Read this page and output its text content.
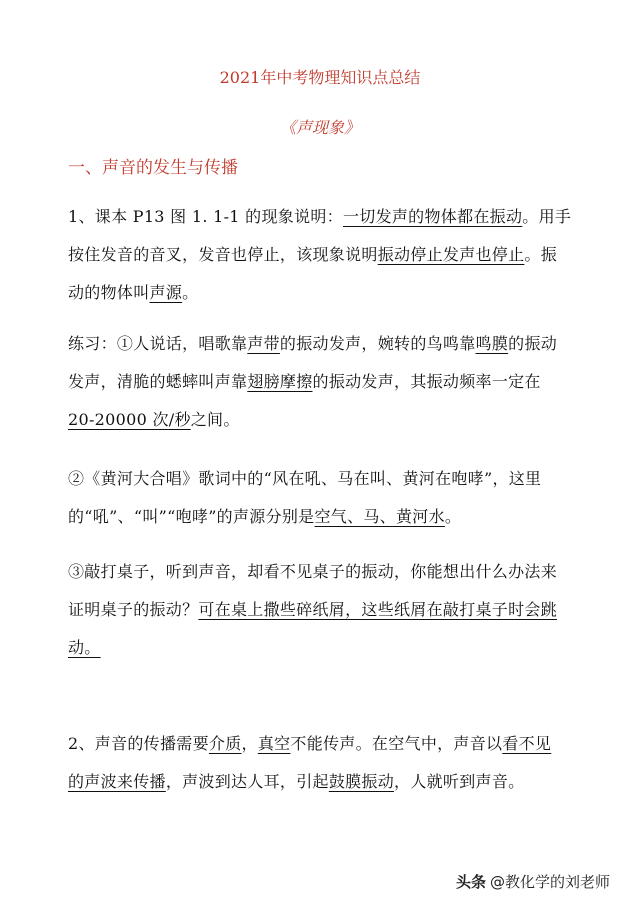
2021年中考物理知识点总结
《声现象》
一、声音的发生与传播
1、课本 P13 图 1. 1-1 的现象说明：一切发声的物体都在振动。用手
按住发音的音叉，发音也停止，该现象说明振动停止发声也停止。振
动的物体叫声源。
练习：①人说话，唱歌靠声带的振动发声，婉转的鸟鸣靠鸣膜的振动
发声，清脆的蟋蟀叫声靠翅膀摩擦的振动发声，其振动频率一定在
20-20000 次/秒之间。
②《黄河大合唱》歌词中的“风在吼、马在叫、黄河在咆哮”，这里
的“吼”、“叫”“咆哮”的声源分别是空气、马、黄河水。
③敲打桌子，听到声音，却看不见桌子的振动，你能想出什么办法来
证明桌子的振动？可在桌上撒些碎纸屑，这些纸屑在敲打桌子时会跳
动。
2、声音的传播需要介质，真空不能传声。在空气中，声音以看不见
的声波来传播，声波到达人耳，引起鼓膜振动，人就听到声音。
头条 @教化学的刘老师
